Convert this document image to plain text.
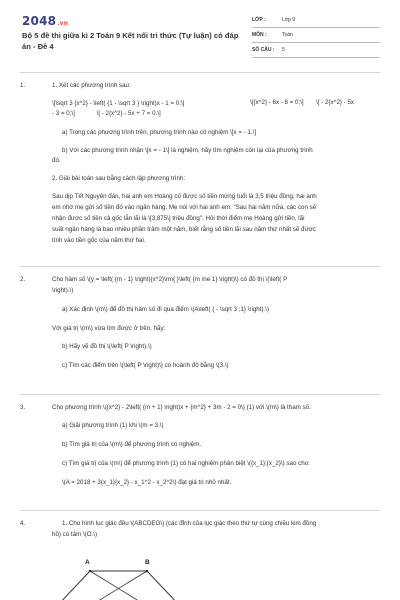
2048.vn
Bộ 5 đề thi giữa kì 2 Toán 9 Kết nối tri thức (Tự luận) có đáp án - Đề 4
LỚP :	Lớp 9
MÔN :	Toán
SỐ CÂU : 5
1.	1. Xét các phương trình sau:
\[\sqrt 3 {x^2} - \left( {1 - \sqrt 3 } \right)x - 1 = 0;\]	\[{x^2} - 6x - 8 = 0;\] \[ - 2{x^2} - 5x
- 3 = 0;\]	\[ - 2{x^2} - 5x + 7 = 0.\]
a) Trong các phương trình trên, phương trình nào có nghiệm \[x = - 1.\]
b) Với các phương trình nhận \[x = - 1\] là nghiệm, hãy tìm nghiệm còn lại của phương trình
đó.
2. Giải bài toán sau bằng cách lập phương trình:
Sau dịp Tết Nguyên đán, hai anh em Hoàng có được số tiền mừng tuổi là 3,5 triệu đồng, hai anh
em nhờ mẹ gửi số tiền đó vào ngân hàng. Mẹ nói với hai anh em: "Sau hai năm nữa, các con sẽ
nhận được số tiền cả gốc lẫn lãi là \[3,875\] triệu đồng". Hỏi thời điểm mẹ Hoàng gửi tiền, lãi
suất ngân hàng là bao nhiêu phần trăm một năm, biết rằng số tiền lãi sau năm thứ nhất sẽ được
tính vào tiền gốc của năm thứ hai.
2.	Cho hàm số \(y = \left( {m - 1} \right){x^2}\rm{ }\left( {m \ne 1} \right)\) có đồ thị \(\left( P
\right).\)
a) Xác định \(m\) để đồ thị hàm số đi qua điểm \(A\left( { - \sqrt 3 ;1} \right).\)
Với giá trị \(m\) vừa tìm được ở trên, hãy:
b) Hãy vẽ đồ thị \(\left( P \right).\)
c) Tìm các điểm trên \(\left( P \right)\) có hoành độ bằng \(3.\)
3.	Cho phương trình \({x^2} - 2\left( {m + 1} \right)x + {m^2} + 3m - 2 = 0\) (1) với \(m\) là tham số.
a) Giải phương trình (1) khi \(m = 3.\)
b) Tìm giá trị của \(m\) để phương trình có nghiệm.
c) Tìm giá trị của \(m\) để phương trình (1) có hai nghiệm phân biệt \({x_1};{x_2}\) sao cho:
\(A = 2018 + 3{x_1}{x_2} - x_1^2 - x_2^2\) đạt giá trị nhỏ nhất.
4.	1. Cho hình lục giác đều \(ABCDEG\) (các đỉnh của lục giác theo thứ tự cùng chiều kim đồng
hồ) có tâm \(O.\)
A	B
